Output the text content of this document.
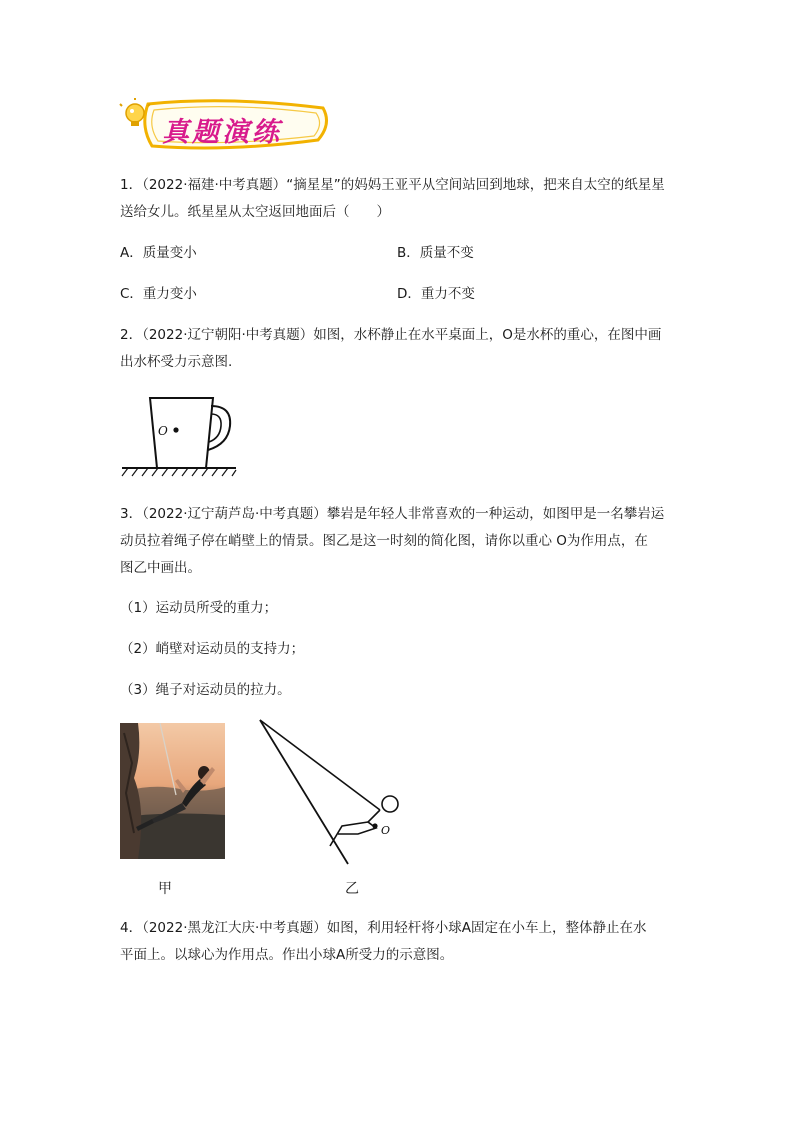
真题演练
1．（2022·福建·中考真题）“摘星星”的妈妈王亚平从空间站回到地球，把来自太空的纸星星
送给女儿。纸星星从太空返回地面后（　　）
A．质量变小	B．质量不变
C．重力变小	D．重力不变
2．（2022·辽宁朝阳·中考真题）如图，水杯静止在水平桌面上，O是水杯的重心，在图中画
出水杯受力示意图.
O
3．（2022·辽宁葫芦岛·中考真题）攀岩是年轻人非常喜欢的一种运动，如图甲是一名攀岩运
动员拉着绳子停在峭壁上的情景。图乙是这一时刻的简化图，请你以重心 O为作用点，在
图乙中画出。
（1）运动员所受的重力；
（2）峭壁对运动员的支持力；
（3）绳子对运动员的拉力。
O
甲	乙
4．（2022·黑龙江大庆·中考真题）如图，利用轻杆将小球A固定在小车上，整体静止在水
平面上。以球心为作用点。作出小球A所受力的示意图。
